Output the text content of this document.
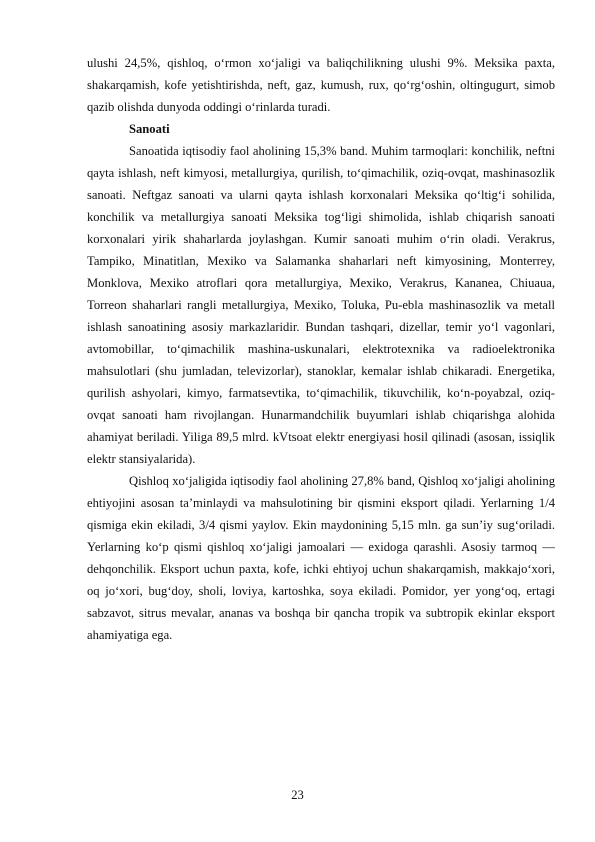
ulushi 24,5%, qishloq, oʻrmon xoʻjaligi va baliqchilikning ulushi 9%. Meksika paxta, shakarqamish, kofe yetishtirishda, neft, gaz, kumush, rux, qoʻrgʻoshin, oltingugurt, simob qazib olishda dunyoda oddingi oʻrinlarda turadi.

Sanoati

Sanoatida iqtisodiy faol aholining 15,3% band. Muhim tarmoqlari: konchilik, neftni qayta ishlash, neft kimyosi, metallurgiya, qurilish, toʻqimachilik, oziq-ovqat, mashinasozlik sanoati. Neftgaz sanoati va ularni qayta ishlash korxonalari Meksika qoʻltigʻi sohilida, konchilik va metallurgiya sanoati Meksika togʻligi shimolida, ishlab chiqarish sanoati korxonalari yirik shaharlarda joylashgan. Kumir sanoati muhim oʻrin oladi. Verakrus, Tampiko, Minatitlan, Mexiko va Salamanka shaharlari neft kimyosining, Monterrey, Monklova, Mexiko atroflari qora metallurgiya, Mexiko, Verakrus, Kananea, Chiuaua, Torreon shaharlari rangli metallurgiya, Mexiko, Toluka, Pu-ebla mashinasozlik va metall ishlash sanoatining asosiy markazlaridir. Bundan tashqari, dizellar, temir yoʻl vagonlari, avtomobillar, toʻqimachilik mashina-uskunalari, elektrotexnika va radioelektronika mahsulotlari (shu jumladan, televizorlar), stanoklar, kemalar ishlab chikaradi. Energetika, qurilish ashyolari, kimyo, farmatsevtika, toʻqimachilik, tikuvchilik, koʻn-poyabzal, oziq-ovqat sanoati ham rivojlangan. Hunarmandchilik buyumlari ishlab chiqarishga alohida ahamiyat beriladi. Yiliga 89,5 mlrd. kVtsoat elektr energiyasi hosil qilinadi (asosan, issiqlik elektr stansiyalarida).

Qishloq xoʻjaligida iqtisodiy faol aholining 27,8% band, Qishloq xoʻjaligi aholining ehtiyojini asosan taʼminlaydi va mahsulotining bir qismini eksport qiladi. Yerlarning 1/4 qismiga ekin ekiladi, 3/4 qismi yaylov. Ekin maydonining 5,15 mln. ga sunʼiy sugʻoriladi. Yerlarning koʻp qismi qishloq xoʻjaligi jamoalari — exidoga qarashli. Asosiy tarmoq — dehqonchilik. Eksport uchun paxta, kofe, ichki ehtiyoj uchun shakarqamish, makkajoʻxori, oq joʻxori, bugʻdoy, sholi, loviya, kartoshka, soya ekiladi. Pomidor, yer yongʻoq, ertagi sabzavot, sitrus mevalar, ananas va boshqa bir qancha tropik va subtropik ekinlar eksport ahamiyatiga ega.

23
